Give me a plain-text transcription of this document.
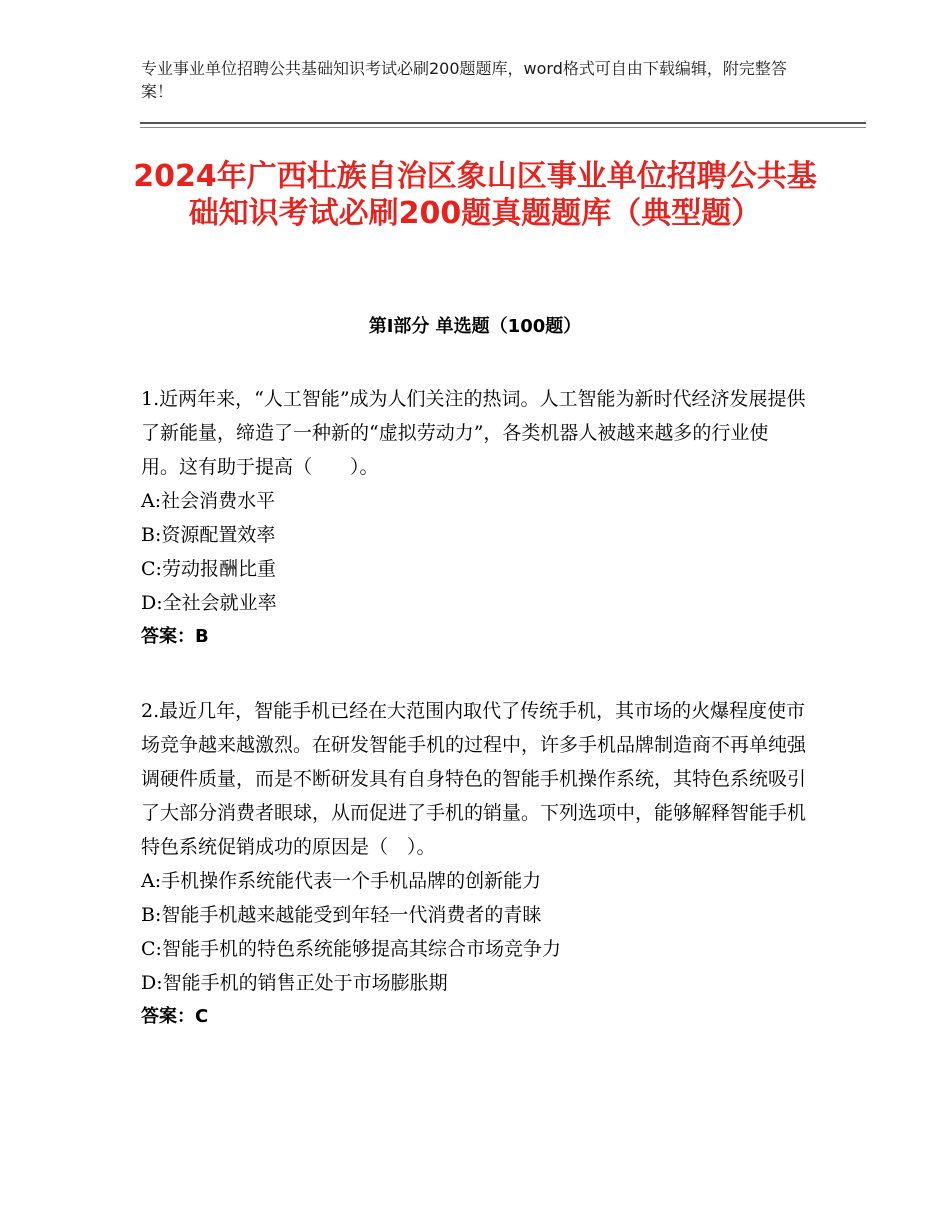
专业事业单位招聘公共基础知识考试必刷200题题库，word格式可自由下载编辑，附完整答案！
2024年广西壮族自治区象山区事业单位招聘公共基础知识考试必刷200题真题题库（典型题）
第Ⅰ部分 单选题（100题）

1.近两年来，“人工智能”成为人们关注的热词。人工智能为新时代经济发展提供了新能量，缔造了一种新的“虚拟劳动力”，各类机器人被越来越多的行业使用。这有助于提高（　　）。

A:社会消费水平

B:资源配置效率

C:劳动报酬比重

D:全社会就业率

答案：B

2.最近几年，智能手机已经在大范围内取代了传统手机，其市场的火爆程度使市场竞争越来越激烈。在研发智能手机的过程中，许多手机品牌制造商不再单纯强调硬件质量，而是不断研发具有自身特色的智能手机操作系统，其特色系统吸引了大部分消费者眼球，从而促进了手机的销量。下列选项中，能够解释智能手机特色系统促销成功的原因是（　）。

A:手机操作系统能代表一个手机品牌的创新能力

B:智能手机越来越能受到年轻一代消费者的青睐

C:智能手机的特色系统能够提高其综合市场竞争力

D:智能手机的销售正处于市场膨胀期

答案：C
